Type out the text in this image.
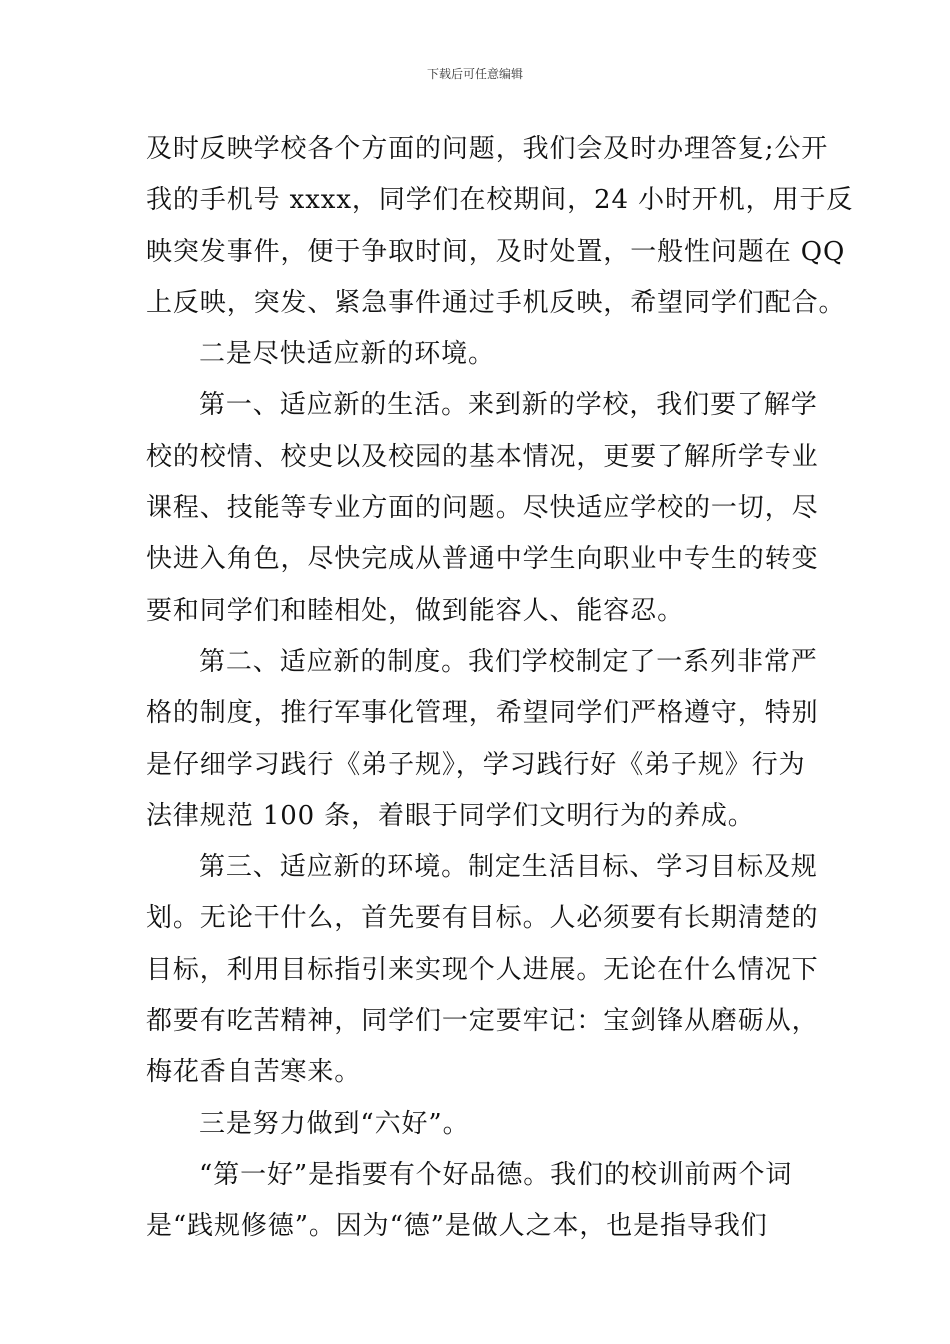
下载后可任意编辑
及时反映学校各个方面的问题，我们会及时办理答复;公开
我的手机号 xxxx，同学们在校期间，24 小时开机，用于反
映突发事件，便于争取时间，及时处置，一般性问题在 QQ
上反映，突发、紧急事件通过手机反映，希望同学们配合。
二是尽快适应新的环境。
第一、适应新的生活。来到新的学校，我们要了解学
校的校情、校史以及校园的基本情况，更要了解所学专业
课程、技能等专业方面的问题。尽快适应学校的一切，尽
快进入角色，尽快完成从普通中学生向职业中专生的转变
要和同学们和睦相处，做到能容人、能容忍。
第二、适应新的制度。我们学校制定了一系列非常严
格的制度，推行军事化管理，希望同学们严格遵守，特别
是仔细学习践行《弟子规》，学习践行好《弟子规》行为
法律规范 100 条，着眼于同学们文明行为的养成。
第三、适应新的环境。制定生活目标、学习目标及规
划。无论干什么，首先要有目标。人必须要有长期清楚的
目标，利用目标指引来实现个人进展。无论在什么情况下
都要有吃苦精神，同学们一定要牢记：宝剑锋从磨砺从，
梅花香自苦寒来。
三是努力做到“六好”。
“第一好”是指要有个好品德。我们的校训前两个词
是“践规修德”。因为“德”是做人之本，也是指导我们
